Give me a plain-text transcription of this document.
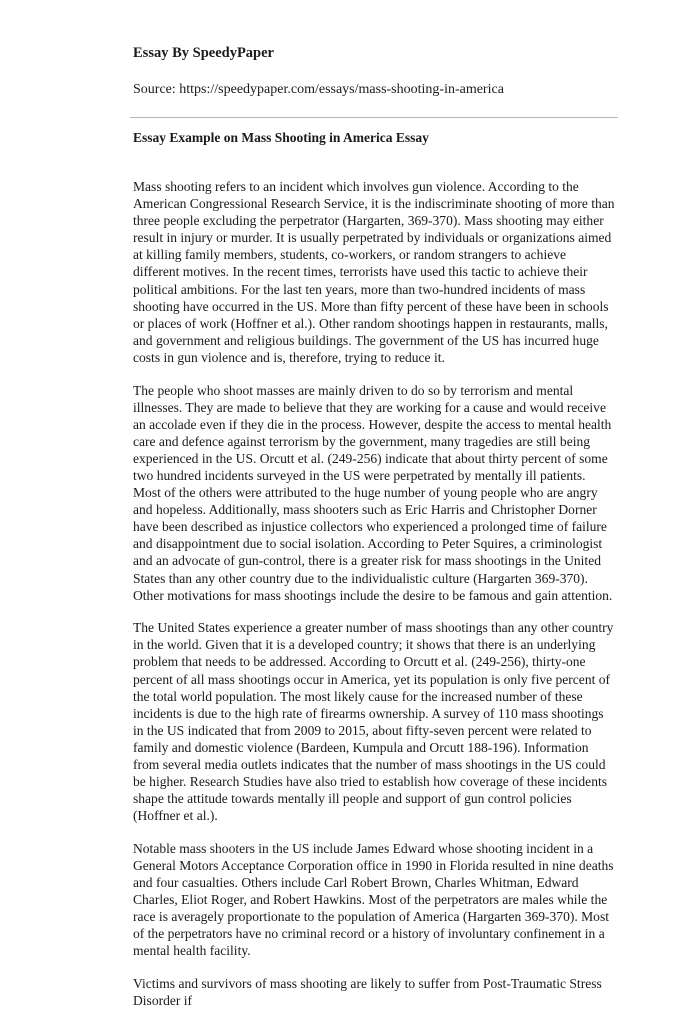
Essay By SpeedyPaper
Source: https://speedypaper.com/essays/mass-shooting-in-america
Essay Example on Mass Shooting in America Essay

Mass shooting refers to an incident which involves gun violence. According to the American Congressional Research Service, it is the indiscriminate shooting of more than three people excluding the perpetrator (Hargarten, 369-370). Mass shooting may either result in injury or murder. It is usually perpetrated by individuals or organizations aimed at killing family members, students, co-workers, or random strangers to achieve different motives. In the recent times, terrorists have used this tactic to achieve their political ambitions. For the last ten years, more than two-hundred incidents of mass shooting have occurred in the US. More than fifty percent of these have been in schools or places of work (Hoffner et al.). Other random shootings happen in restaurants, malls, and government and religious buildings. The government of the US has incurred huge costs in gun violence and is, therefore, trying to reduce it.

The people who shoot masses are mainly driven to do so by terrorism and mental illnesses. They are made to believe that they are working for a cause and would receive an accolade even if they die in the process. However, despite the access to mental health care and defence against terrorism by the government, many tragedies are still being experienced in the US. Orcutt et al. (249-256) indicate that about thirty percent of some two hundred incidents surveyed in the US were perpetrated by mentally ill patients. Most of the others were attributed to the huge number of young people who are angry and hopeless. Additionally, mass shooters such as Eric Harris and Christopher Dorner have been described as injustice collectors who experienced a prolonged time of failure and disappointment due to social isolation. According to Peter Squires, a criminologist and an advocate of gun-control, there is a greater risk for mass shootings in the United States than any other country due to the individualistic culture (Hargarten 369-370). Other motivations for mass shootings include the desire to be famous and gain attention.

The United States experience a greater number of mass shootings than any other country in the world. Given that it is a developed country; it shows that there is an underlying problem that needs to be addressed. According to Orcutt et al. (249-256), thirty-one percent of all mass shootings occur in America, yet its population is only five percent of the total world population. The most likely cause for the increased number of these incidents is due to the high rate of firearms ownership. A survey of 110 mass shootings in the US indicated that from 2009 to 2015, about fifty-seven percent were related to family and domestic violence (Bardeen, Kumpula and Orcutt 188-196). Information from several media outlets indicates that the number of mass shootings in the US could be higher. Research Studies have also tried to establish how coverage of these incidents shape the attitude towards mentally ill people and support of gun control policies (Hoffner et al.).

Notable mass shooters in the US include James Edward whose shooting incident in a General Motors Acceptance Corporation office in 1990 in Florida resulted in nine deaths and four casualties. Others include Carl Robert Brown, Charles Whitman, Edward Charles, Eliot Roger, and Robert Hawkins. Most of the perpetrators are males while the race is averagely proportionate to the population of America (Hargarten 369-370). Most of the perpetrators have no criminal record or a history of involuntary confinement in a mental health facility.

Victims and survivors of mass shooting are likely to suffer from Post-Traumatic Stress Disorder if
